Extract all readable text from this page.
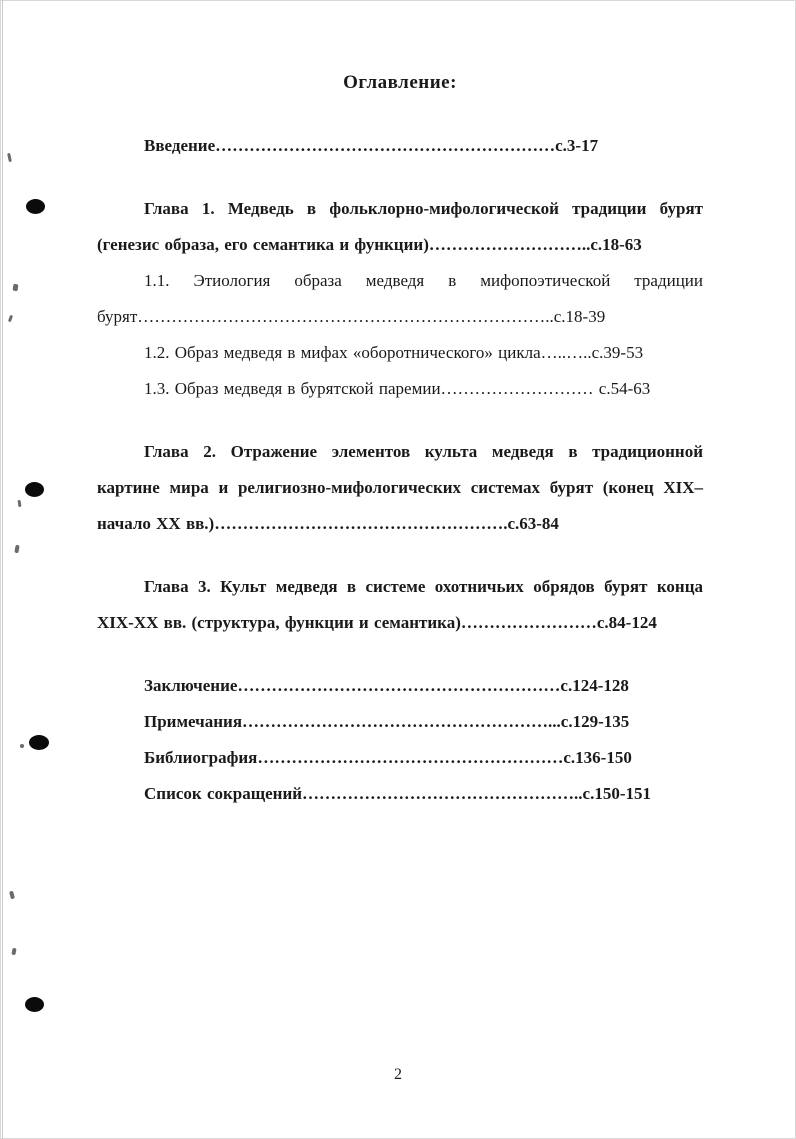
Оглавление:

Введение……………………………………………………с.3-17

Глава 1. Медведь в фольклорно-мифологической традиции бурят (генезис образа, его семантика и функции)………………………..с.18-63

1.1. Этиология образа медведя в мифопоэтической традиции бурят………………………………………………………………..с.18-39

1.2. Образ медведя в мифах «оборотнического» цикла…..…..с.39-53

1.3. Образ медведя в бурятской паремии……………………… с.54-63

Глава 2. Отражение элементов культа медведя в традиционной картине мира и религиозно-мифологических системах бурят (конец XIX–начало XX вв.)…………………………………………….с.63-84

Глава 3. Культ медведя в системе охотничьих обрядов бурят конца XIX-XX вв. (структура, функции и семантика)……………………с.84-124

Заключение…………………………………………………с.124-128

Примечания………………………………………………...с.129-135

Библиография………………………………………………с.136-150

Список сокращений…………………………………………..с.150-151

2
